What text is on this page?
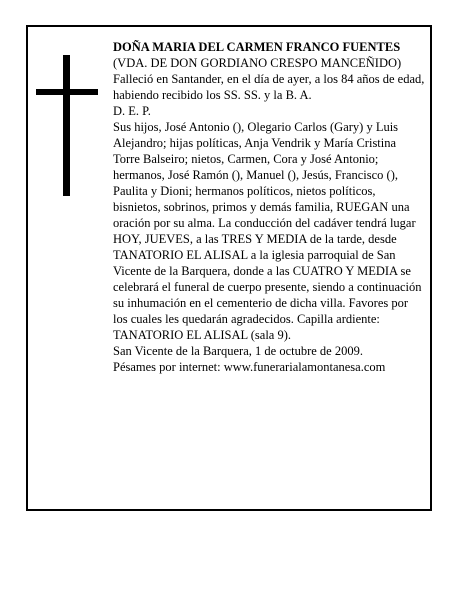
DOÑA MARIA DEL CARMEN FRANCO FUENTES

(VDA. DE DON GORDIANO CRESPO MANCEÑIDO)

Falleció en Santander, en el día de ayer, a los 84 años de edad,

habiendo recibido los SS. SS. y la B. A.

D. E. P.

Sus hijos, José Antonio (), Olegario Carlos (Gary) y Luis Alejandro; hijas políticas, Anja Vendrik y María Cristina Torre Balseiro; nietos, Carmen, Cora y José Antonio; hermanos, José Ramón (), Manuel (), Jesús, Francisco (), Paulita y Dioni; hermanos políticos, nietos políticos, bisnietos, sobrinos, primos y demás familia, RUEGAN una oración por su alma. La conducción del cadáver tendrá lugar HOY, JUEVES, a las TRES Y MEDIA de la tarde, desde TANATORIO EL ALISAL a la iglesia parroquial de San Vicente de la Barquera, donde a las CUATRO Y MEDIA se celebrará el funeral de cuerpo presente, siendo a continuación su inhumación en el cementerio de dicha villa. Favores por los cuales les quedarán agradecidos. Capilla ardiente: TANATORIO EL ALISAL (sala 9).

San Vicente de la Barquera, 1 de octubre de 2009.

Pésames por internet: www.funerarialamontanesa.com
